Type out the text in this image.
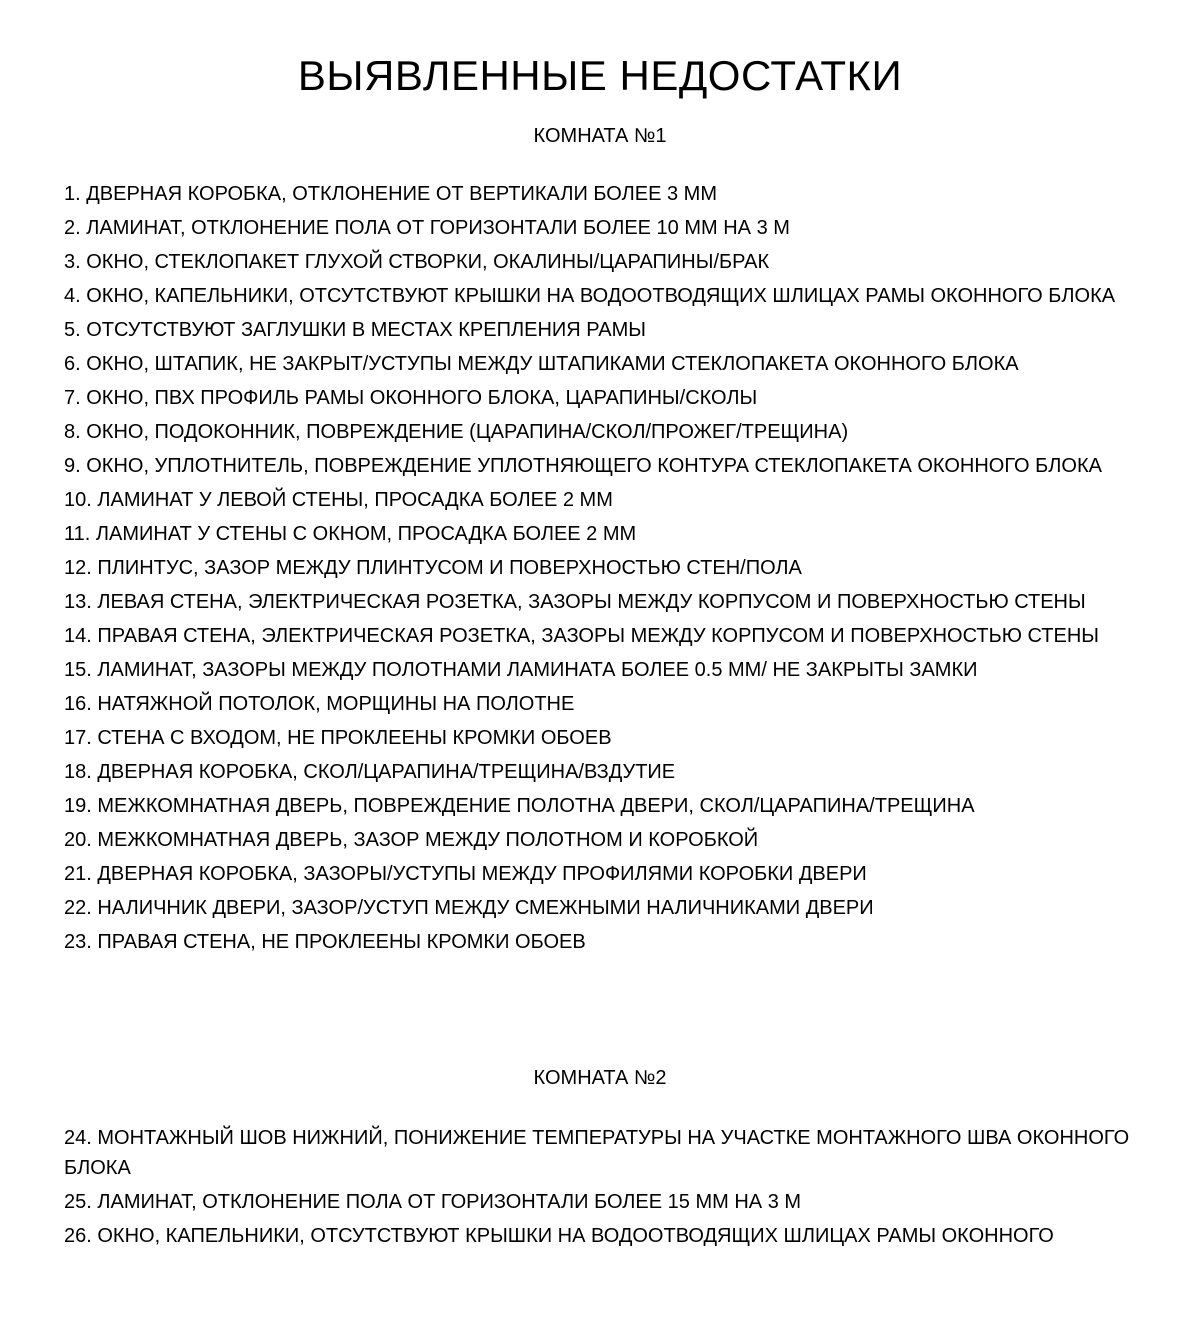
ВЫЯВЛЕННЫЕ НЕДОСТАТКИ
КОМНАТА №1
1. ДВЕРНАЯ КОРОБКА, ОТКЛОНЕНИЕ ОТ ВЕРТИКАЛИ БОЛЕЕ 3 ММ
2. ЛАМИНАТ, ОТКЛОНЕНИЕ ПОЛА ОТ ГОРИЗОНТАЛИ БОЛЕЕ 10 ММ НА 3 М
3. ОКНО, СТЕКЛОПАКЕТ ГЛУХОЙ СТВОРКИ, ОКАЛИНЫ/ЦАРАПИНЫ/БРАК
4. ОКНО, КАПЕЛЬНИКИ, ОТСУТСТВУЮТ КРЫШКИ НА ВОДООТВОДЯЩИХ ШЛИЦАХ РАМЫ ОКОННОГО БЛОКА
5. ОТСУТСТВУЮТ ЗАГЛУШКИ В МЕСТАХ КРЕПЛЕНИЯ РАМЫ
6. ОКНО, ШТАПИК, НЕ ЗАКРЫТ/УСТУПЫ МЕЖДУ ШТАПИКАМИ СТЕКЛОПАКЕТА ОКОННОГО БЛОКА
7. ОКНО, ПВХ ПРОФИЛЬ РАМЫ ОКОННОГО БЛОКА, ЦАРАПИНЫ/СКОЛЫ
8. ОКНО, ПОДОКОННИК, ПОВРЕЖДЕНИЕ (ЦАРАПИНА/СКОЛ/ПРОЖЕГ/ТРЕЩИНА)
9. ОКНО, УПЛОТНИТЕЛЬ, ПОВРЕЖДЕНИЕ УПЛОТНЯЮЩЕГО КОНТУРА СТЕКЛОПАКЕТА ОКОННОГО БЛОКА
10. ЛАМИНАТ У ЛЕВОЙ СТЕНЫ, ПРОСАДКА БОЛЕЕ 2 ММ
11. ЛАМИНАТ У СТЕНЫ С ОКНОМ, ПРОСАДКА БОЛЕЕ 2 ММ
12. ПЛИНТУС, ЗАЗОР МЕЖДУ ПЛИНТУСОМ И ПОВЕРХНОСТЬЮ СТЕН/ПОЛА
13. ЛЕВАЯ СТЕНА, ЭЛЕКТРИЧЕСКАЯ РОЗЕТКА, ЗАЗОРЫ МЕЖДУ КОРПУСОМ И ПОВЕРХНОСТЬЮ СТЕНЫ
14. ПРАВАЯ СТЕНА, ЭЛЕКТРИЧЕСКАЯ РОЗЕТКА, ЗАЗОРЫ МЕЖДУ КОРПУСОМ И ПОВЕРХНОСТЬЮ СТЕНЫ
15. ЛАМИНАТ, ЗАЗОРЫ МЕЖДУ ПОЛОТНАМИ ЛАМИНАТА БОЛЕЕ 0.5 ММ/ НЕ ЗАКРЫТЫ ЗАМКИ
16. НАТЯЖНОЙ ПОТОЛОК, МОРЩИНЫ НА ПОЛОТНЕ
17. СТЕНА С ВХОДОМ, НЕ ПРОКЛЕЕНЫ КРОМКИ ОБОЕВ
18. ДВЕРНАЯ КОРОБКА, СКОЛ/ЦАРАПИНА/ТРЕЩИНА/ВЗДУТИЕ
19. МЕЖКОМНАТНАЯ ДВЕРЬ, ПОВРЕЖДЕНИЕ ПОЛОТНА ДВЕРИ, СКОЛ/ЦАРАПИНА/ТРЕЩИНА
20. МЕЖКОМНАТНАЯ ДВЕРЬ, ЗАЗОР МЕЖДУ ПОЛОТНОМ И КОРОБКОЙ
21. ДВЕРНАЯ КОРОБКА, ЗАЗОРЫ/УСТУПЫ МЕЖДУ ПРОФИЛЯМИ КОРОБКИ ДВЕРИ
22. НАЛИЧНИК ДВЕРИ, ЗАЗОР/УСТУП МЕЖДУ СМЕЖНЫМИ НАЛИЧНИКАМИ ДВЕРИ
23. ПРАВАЯ СТЕНА, НЕ ПРОКЛЕЕНЫ КРОМКИ ОБОЕВ
КОМНАТА №2
24. МОНТАЖНЫЙ ШОВ НИЖНИЙ, ПОНИЖЕНИЕ ТЕМПЕРАТУРЫ НА УЧАСТКЕ МОНТАЖНОГО ШВА ОКОННОГО БЛОКА
25. ЛАМИНАТ, ОТКЛОНЕНИЕ ПОЛА ОТ ГОРИЗОНТАЛИ БОЛЕЕ 15 ММ НА 3 М
26. ОКНО, КАПЕЛЬНИКИ, ОТСУТСТВУЮТ КРЫШКИ НА ВОДООТВОДЯЩИХ ШЛИЦАХ РАМЫ ОКОННОГО
